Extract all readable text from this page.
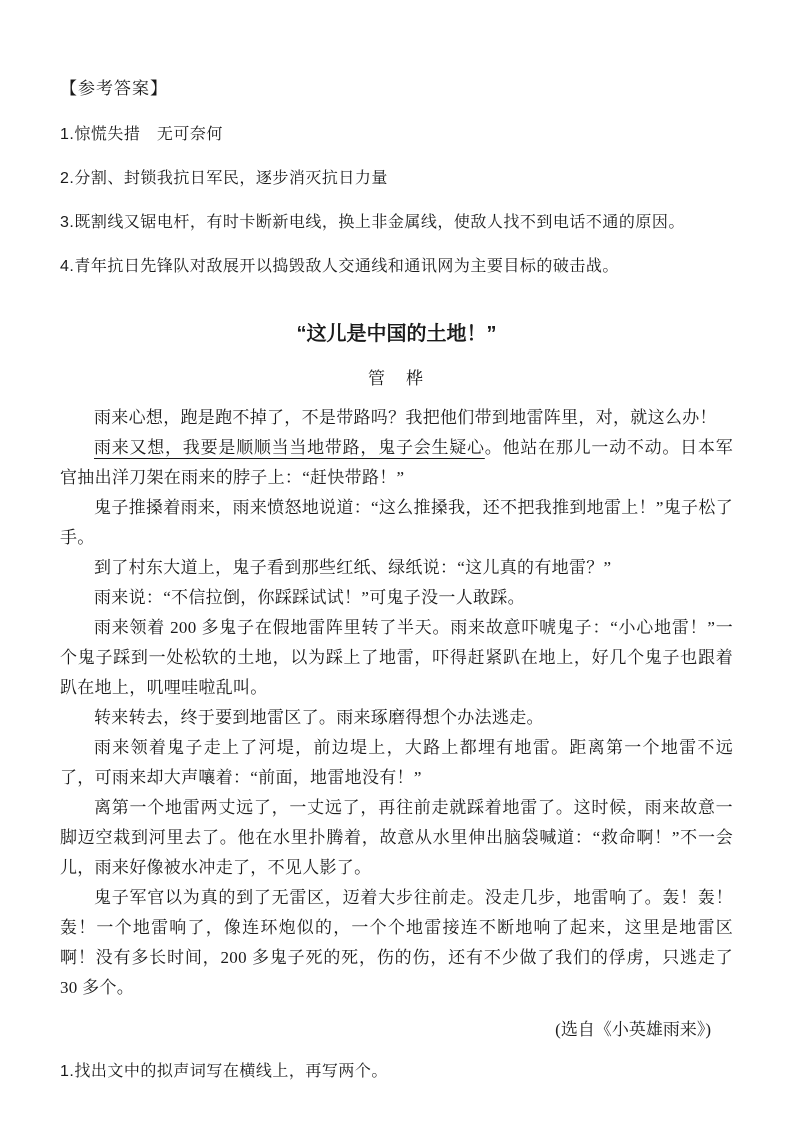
【参考答案】
1.惊慌失措　无可奈何
2.分割、封锁我抗日军民，逐步消灭抗日力量
3.既割线又锯电杆，有时卡断新电线，换上非金属线，使敌人找不到电话不通的原因。
4.青年抗日先锋队对敌展开以捣毁敌人交通线和通讯网为主要目标的破击战。
“这儿是中国的土地！”
管　桦

雨来心想，跑是跑不掉了，不是带路吗？我把他们带到地雷阵里，对，就这么办！

雨来又想，我要是顺顺当当地带路，鬼子会生疑心。他站在那儿一动不动。日本军官抽出洋刀架在雨来的脖子上：“赶快带路！”

鬼子推搡着雨来，雨来愤怒地说道：“这么推搡我，还不把我推到地雷上！”鬼子松了手。

到了村东大道上，鬼子看到那些红纸、绿纸说：“这儿真的有地雷？”

雨来说：“不信拉倒，你踩踩试试！”可鬼子没一人敢踩。

雨来领着 200 多鬼子在假地雷阵里转了半天。雨来故意吓唬鬼子：“小心地雷！”一个鬼子踩到一处松软的土地，以为踩上了地雷，吓得赶紧趴在地上，好几个鬼子也跟着趴在地上，叽哩哇啦乱叫。

转来转去，终于要到地雷区了。雨来琢磨得想个办法逃走。

雨来领着鬼子走上了河堤，前边堤上，大路上都埋有地雷。距离第一个地雷不远了，可雨来却大声嚷着：“前面，地雷地没有！”

离第一个地雷两丈远了，一丈远了，再往前走就踩着地雷了。这时候，雨来故意一脚迈空栽到河里去了。他在水里扑腾着，故意从水里伸出脑袋喊道：“救命啊！”不一会儿，雨来好像被水冲走了，不见人影了。

鬼子军官以为真的到了无雷区，迈着大步往前走。没走几步，地雷响了。轰！轰！轰！一个地雷响了，像连环炮似的，一个个地雷接连不断地响了起来，这里是地雷区啊！没有多长时间，200 多鬼子死的死，伤的伤，还有不少做了我们的俘虏，只逃走了 30 多个。

(选自《小英雄雨来》)
1.找出文中的拟声词写在横线上，再写两个。
